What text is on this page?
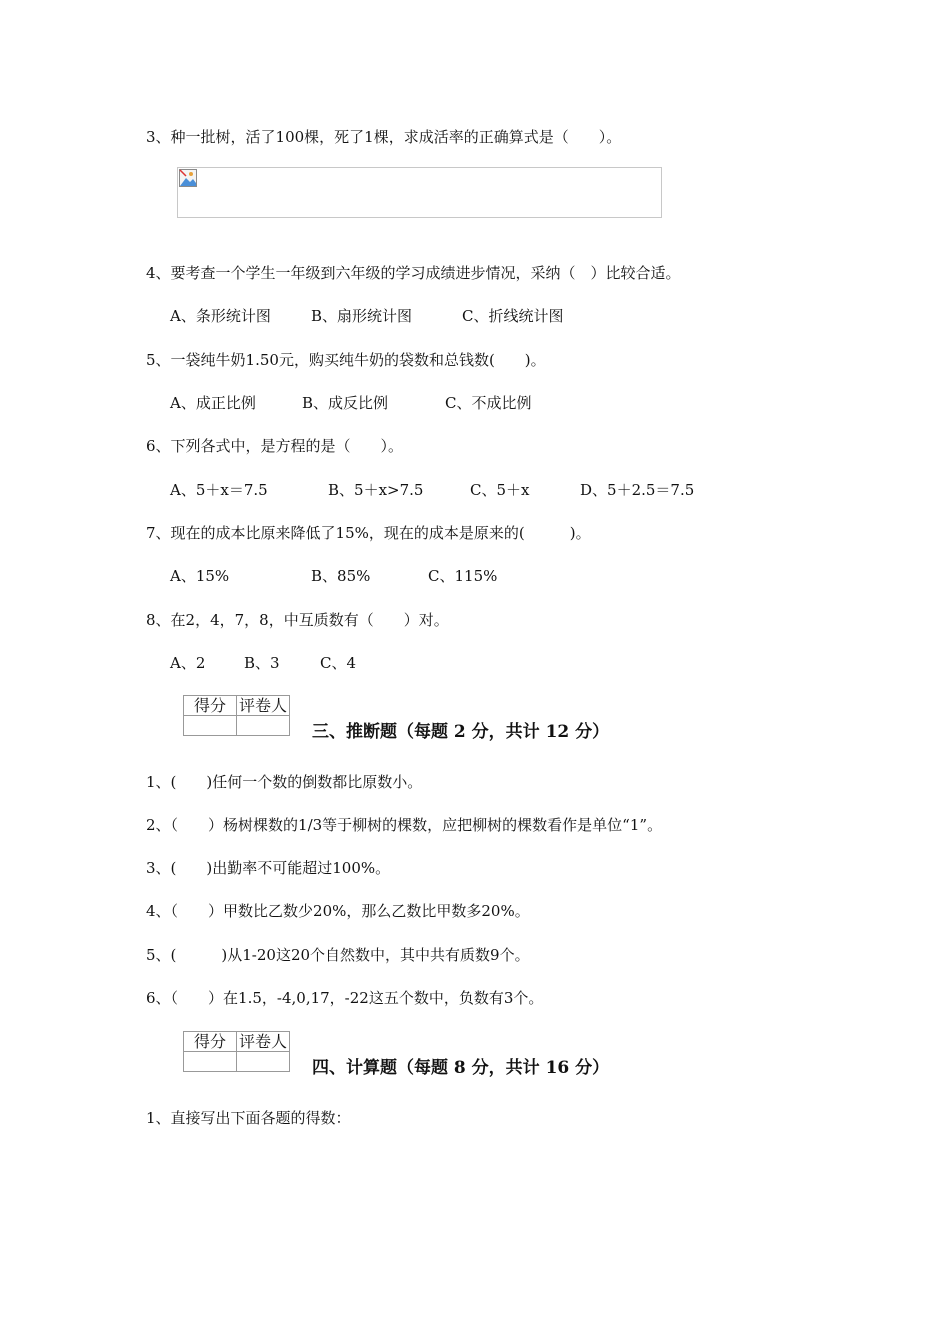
3、种一批树，活了100棵，死了1棵，求成活率的正确算式是（　　）。
4、要考查一个学生一年级到六年级的学习成绩进步情况，采纳（　）比较合适。
A、条形统计图	B、扇形统计图	C、折线统计图
5、一袋纯牛奶1.50元，购买纯牛奶的袋数和总钱数(　　)。
A、成正比例	B、成反比例	C、不成比例
6、下列各式中，是方程的是（　　）。
A、5＋x＝7.5	B、5＋x>7.5	C、5＋x	D、5＋2.5＝7.5
7、现在的成本比原来降低了15%，现在的成本是原来的(　　　)。
A、15%	B、85%	C、115%
8、在2，4，7，8，中互质数有（　　）对。
A、2	B、3	C、4
得分	评卷人

三、推断题（每题 2 分，共计 12 分）
1、(　　)任何一个数的倒数都比原数小。
2、（　　）杨树棵数的1/3等于柳树的棵数，应把柳树的棵数看作是单位“1”。
3、(　　)出勤率不可能超过100%。
4、（　　）甲数比乙数少20%，那么乙数比甲数多20%。
5、(　　　)从1-20这20个自然数中，其中共有质数9个。
6、（　　）在1.5，-4,0,17，-22这五个数中，负数有3个。
得分	评卷人

四、计算题（每题 8 分，共计 16 分）
1、直接写出下面各题的得数：
